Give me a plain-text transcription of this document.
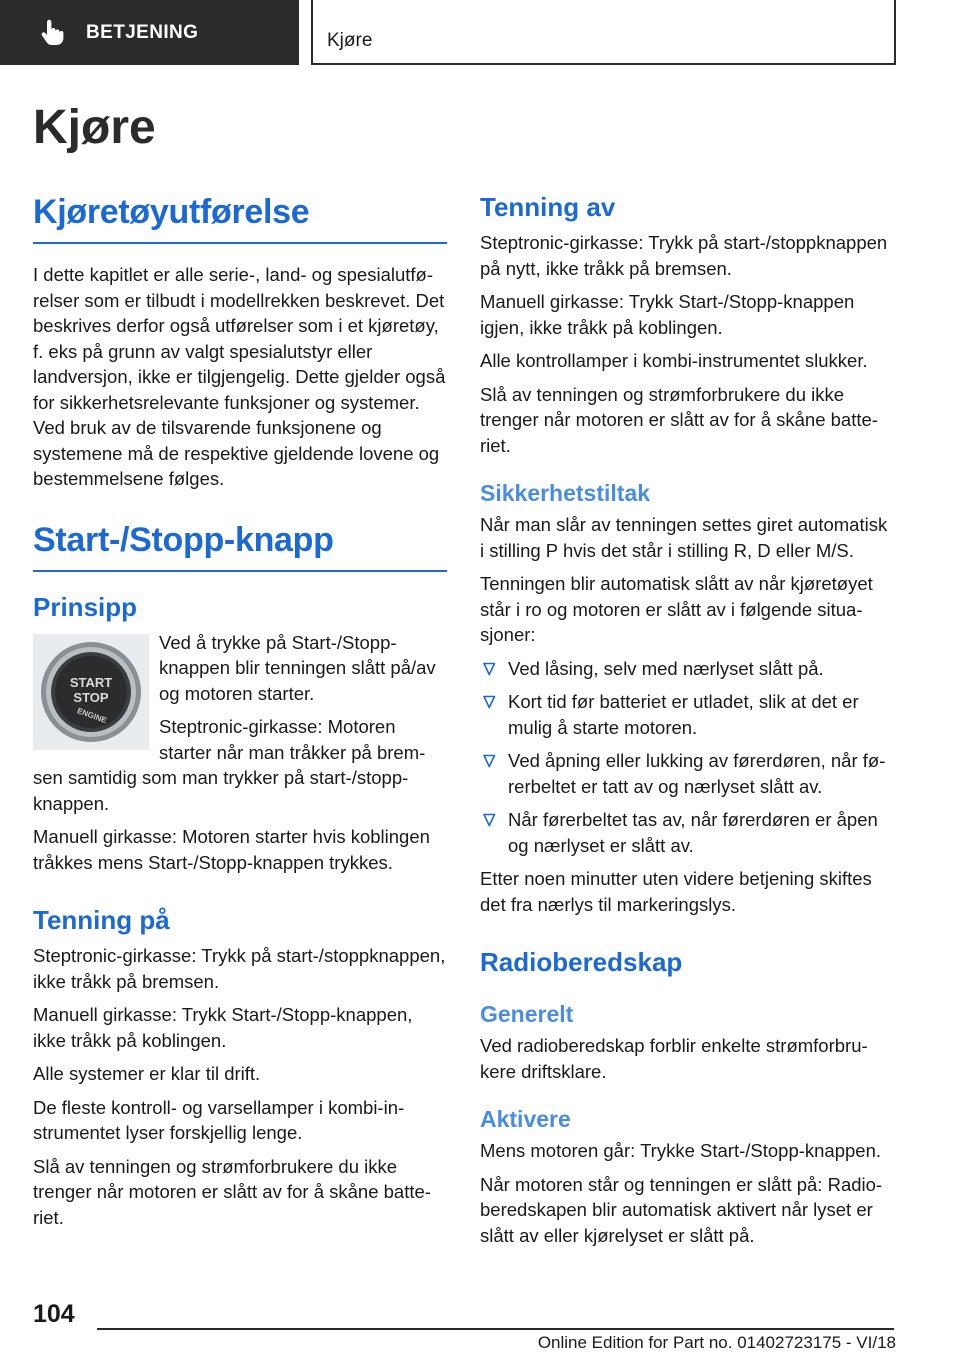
BETJENING	Kjøre
Kjøre
Kjøretøyutførelse

I dette kapitlet er alle serie-, land- og spesialutførelser som er tilbudt i modellrekken beskrevet. Det beskrives derfor også utførelser som i et kjøretøy, f. eks på grunn av valgt spesialutstyr eller landversjon, ikke er tilgjengelig. Dette gjelder også for sikkerhetsrelevante funksjoner og systemer. Ved bruk av de tilsvarende funksjonene og systemene må de respektive gjeldende lovene og bestemmelsene følges.

Start-/Stopp-knapp
Prinsipp
START
STOP
ENGINE

Ved å trykke på Start-/Stopp-knappen blir tenningen slått på/av og motoren starter.

Steptronic-girkasse: Motoren starter når man tråkker på bremsen samtidig som man trykker på start-/stopp-knappen.

Manuell girkasse: Motoren starter hvis koblingen tråkkes mens Start-/Stopp-knappen trykkes.

Tenning på

Steptronic-girkasse: Trykk på start-/stoppknappen, ikke tråkk på bremsen.

Manuell girkasse: Trykk Start-/Stopp-knappen, ikke tråkk på koblingen.

Alle systemer er klar til drift.

De fleste kontroll- og varsellamper i kombi-instrumentet lyser forskjellig lenge.

Slå av tenningen og strømforbrukere du ikke trenger når motoren er slått av for å skåne batteriet.

Tenning av

Steptronic-girkasse: Trykk på start-/stoppknappen på nytt, ikke tråkk på bremsen.

Manuell girkasse: Trykk Start-/Stopp-knappen igjen, ikke tråkk på koblingen.

Alle kontrollamper i kombi-instrumentet slukker.

Slå av tenningen og strømforbrukere du ikke trenger når motoren er slått av for å skåne batteriet.

Sikkerhetstiltak

Når man slår av tenningen settes giret automatisk i stilling P hvis det står i stilling R, D eller M/S.

Tenningen blir automatisk slått av når kjøretøyet står i ro og motoren er slått av i følgende situasjoner:

Ved låsing, selv med nærlyset slått på.
Kort tid før batteriet er utladet, slik at det er mulig å starte motoren.
Ved åpning eller lukking av førerdøren, når førerbeltet er tatt av og nærlyset slått av.
Når førerbeltet tas av, når førerdøren er åpen og nærlyset er slått av.

Etter noen minutter uten videre betjening skiftes det fra nærlys til markeringslys.

Radioberedskap
Generelt

Ved radioberedskap forblir enkelte strømforbrukere driftsklare.

Aktivere

Mens motoren går: Trykke Start-/Stopp-knappen.

Når motoren står og tenningen er slått på: Radioberedskapen blir automatisk aktivert når lyset er slått av eller kjørelyset er slått på.

104
Online Edition for Part no. 01402723175 - VI/18
